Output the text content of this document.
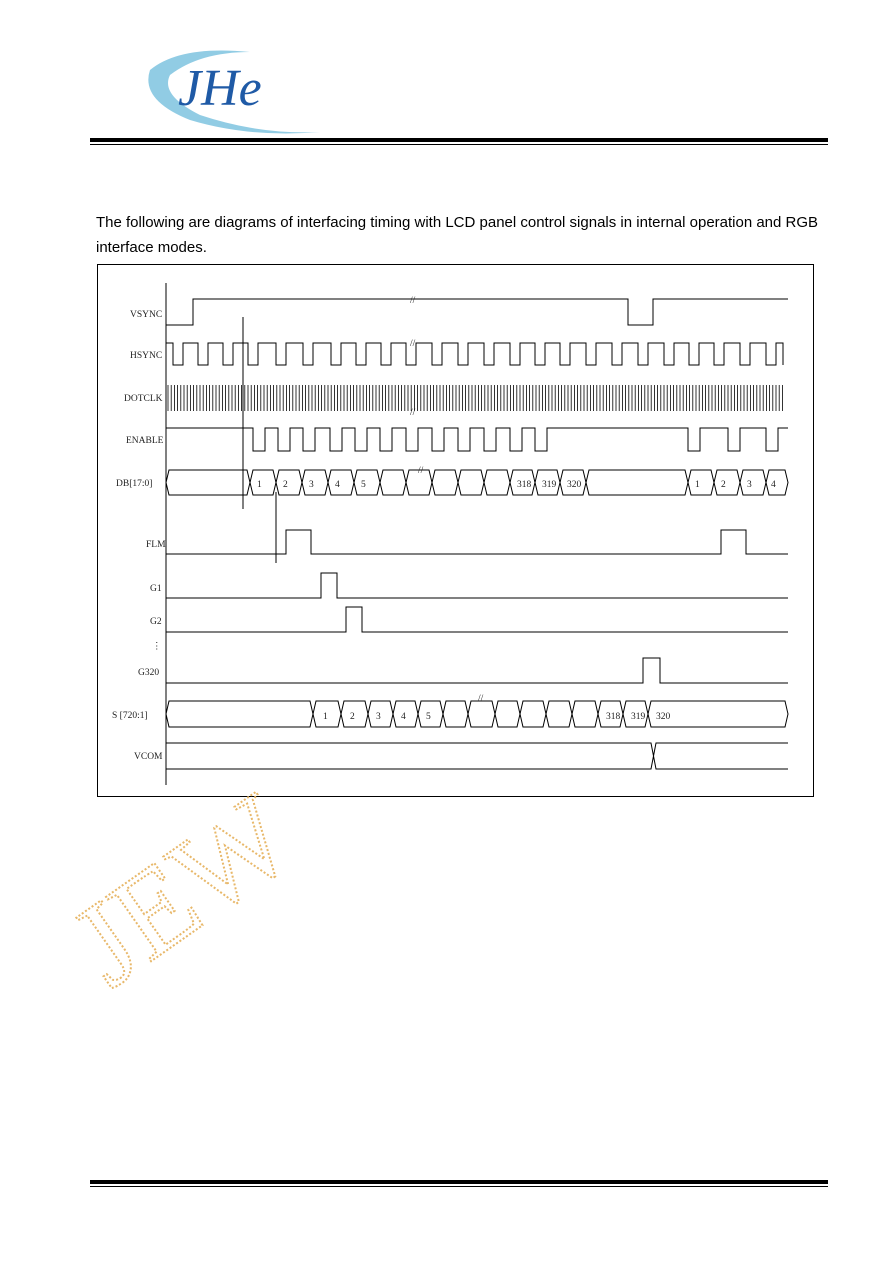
JHe
The following are diagrams of interfacing timing with LCD panel control signals in internal operation and RGB
interface modes.
VSYNC
HSYNC
DOTCLK
ENABLE
DB[17:0]
FLM
G1
G2
⋮
G320
S [720:1]
VCOM
1 2 3 4 5	318 319 320	1 2 3 4
1 2 3 4 5	318 319 320
//
//
//
//
//
JEW
